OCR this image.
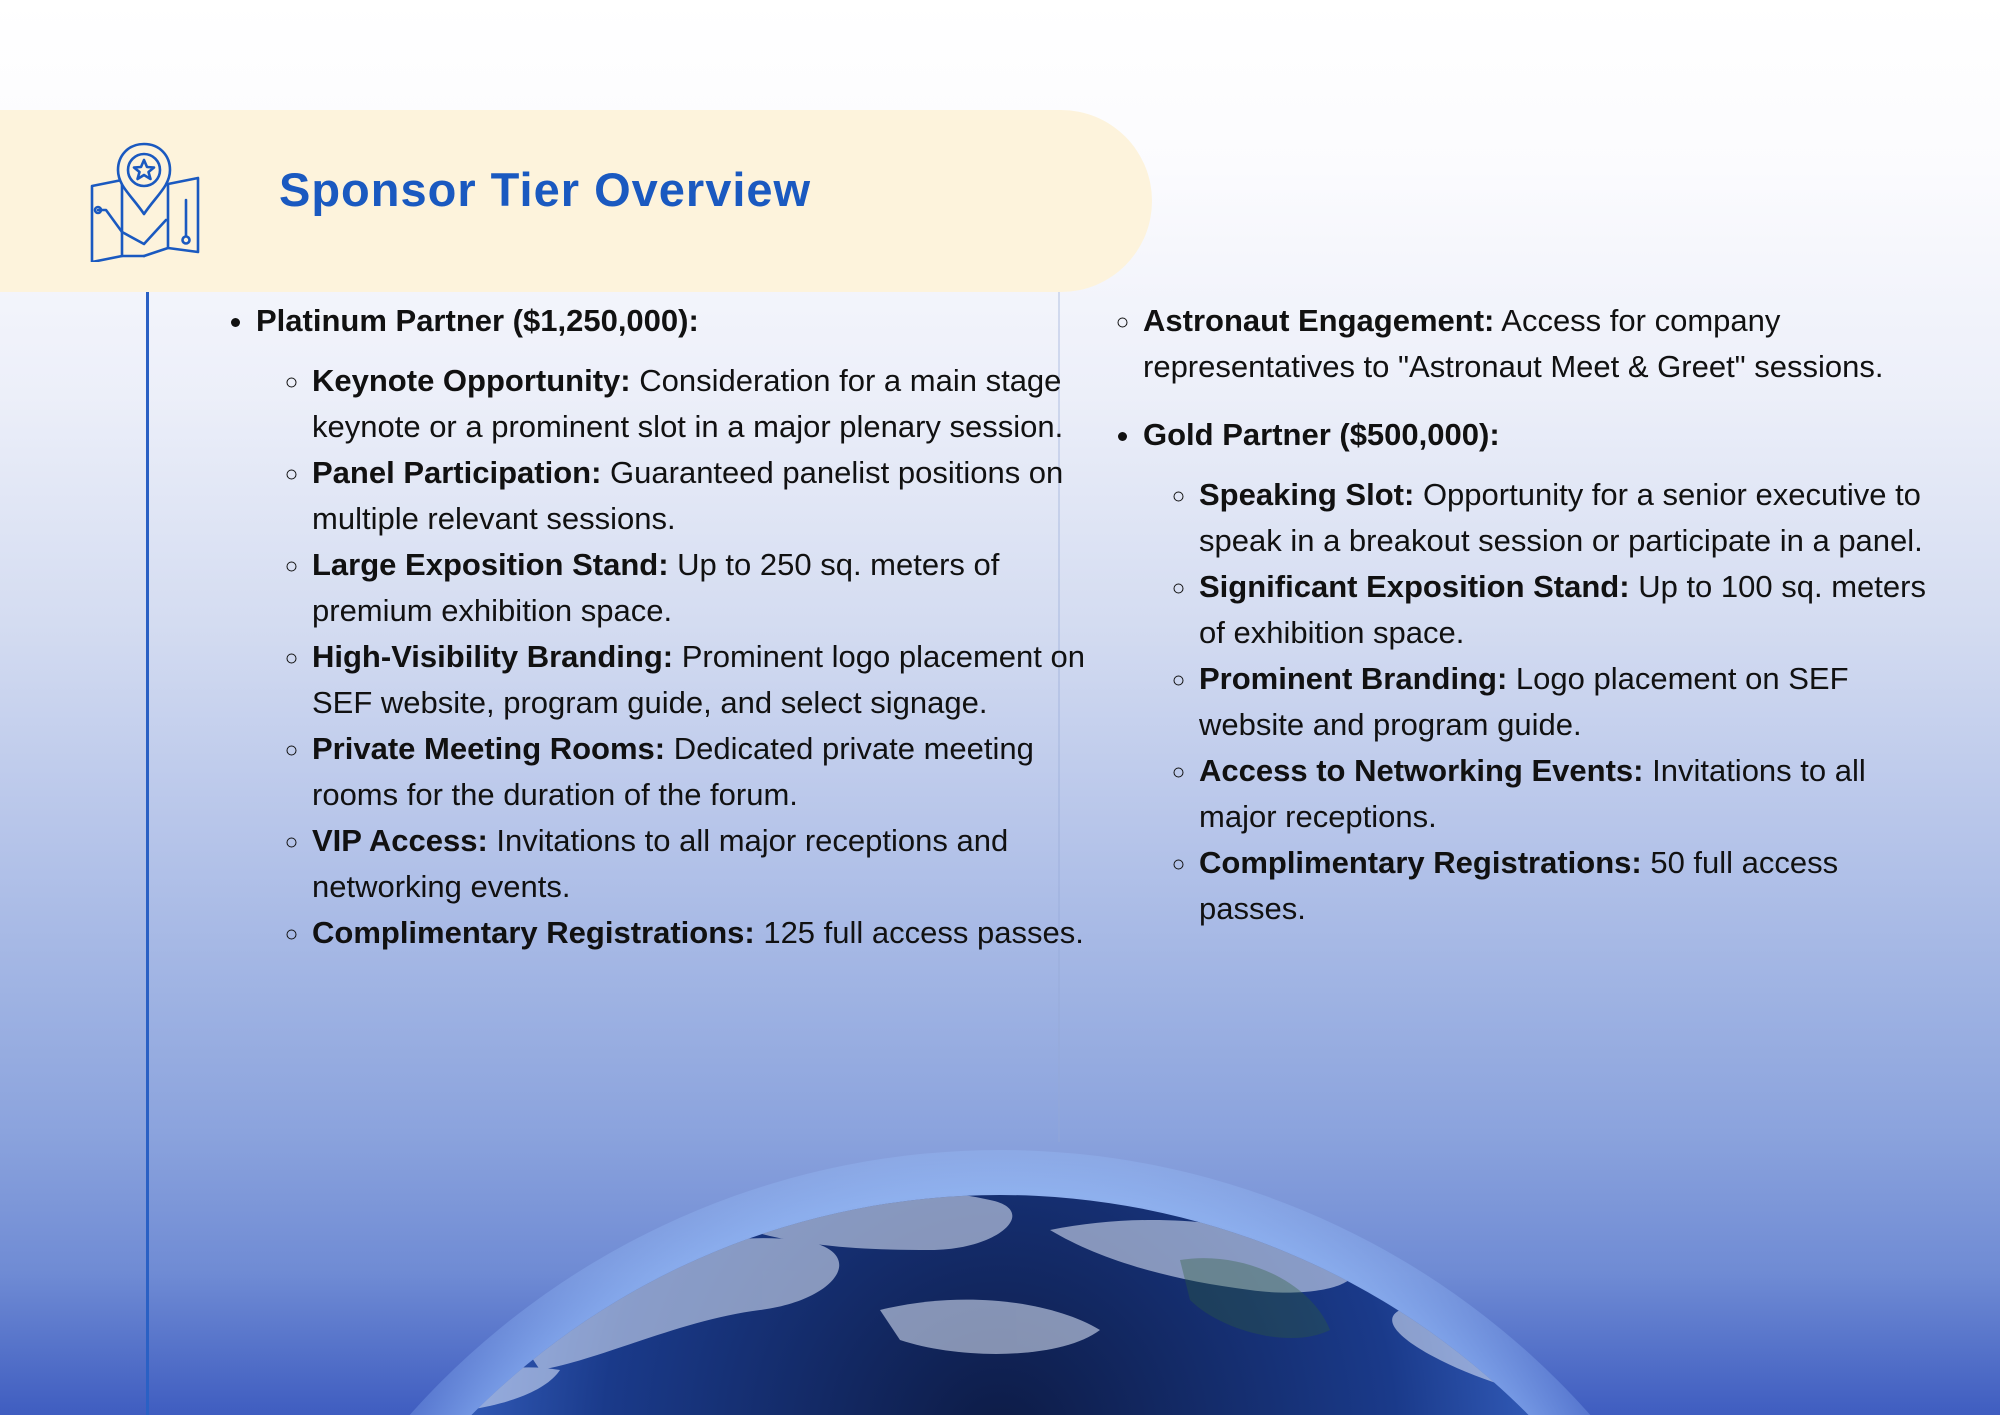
Sponsor Tier Overview
• Platinum Partner ($1,250,000):
◦ Keynote Opportunity: Consideration for a main stage keynote or a prominent slot in a major plenary session.
◦ Panel Participation: Guaranteed panelist positions on multiple relevant sessions.
◦ Large Exposition Stand: Up to 250 sq. meters of premium exhibition space.
◦ High-Visibility Branding: Prominent logo placement on SEF website, program guide, and select signage.
◦ Private Meeting Rooms: Dedicated private meeting rooms for the duration of the forum.
◦ VIP Access: Invitations to all major receptions and networking events.
◦ Complimentary Registrations: 125 full access passes.
◦ Astronaut Engagement: Access for company representatives to "Astronaut Meet & Greet" sessions.
• Gold Partner ($500,000):
◦ Speaking Slot: Opportunity for a senior executive to speak in a breakout session or participate in a panel.
◦ Significant Exposition Stand: Up to 100 sq. meters of exhibition space.
◦ Prominent Branding: Logo placement on SEF website and program guide.
◦ Access to Networking Events: Invitations to all major receptions.
◦ Complimentary Registrations: 50 full access passes.
